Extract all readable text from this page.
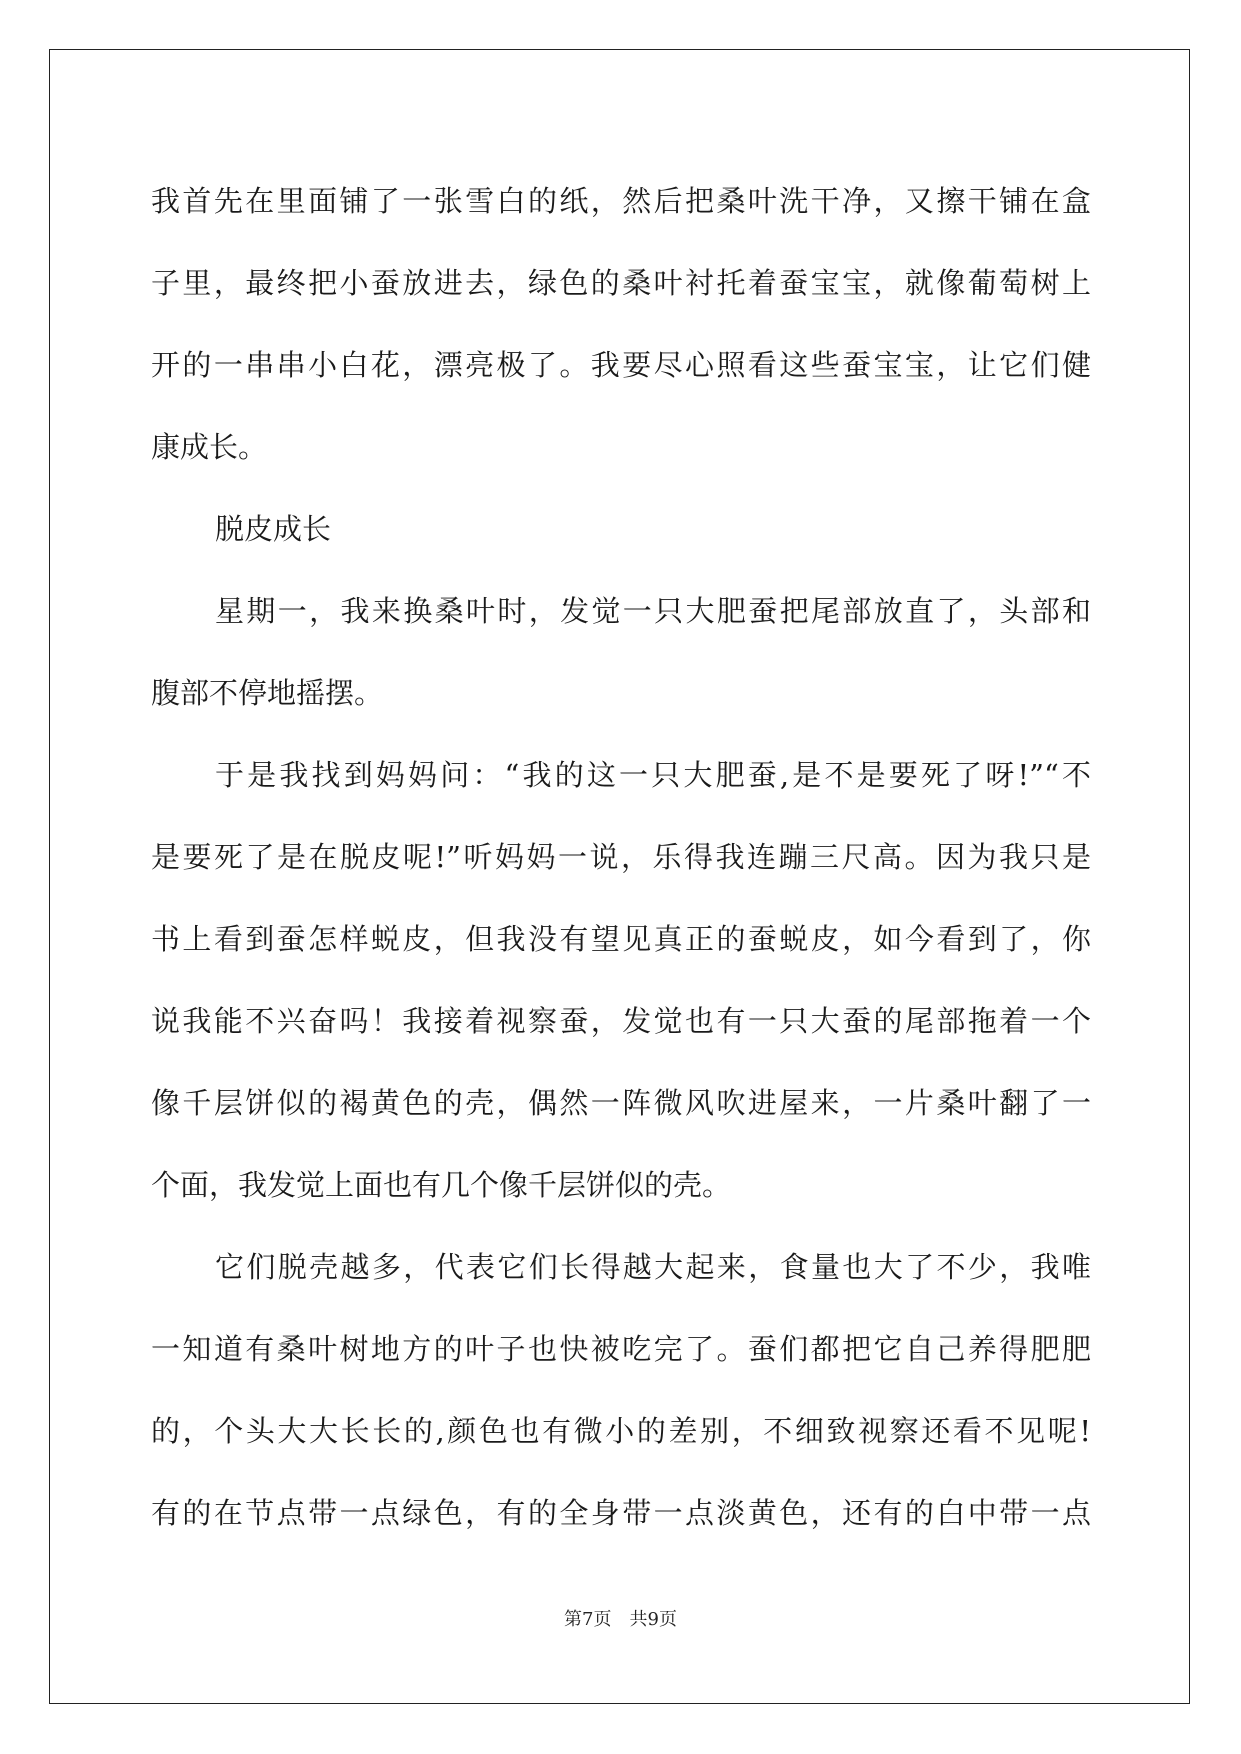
我首先在里面铺了一张雪白的纸，然后把桑叶洗干净，又擦干铺在盒
子里，最终把小蚕放进去，绿色的桑叶衬托着蚕宝宝，就像葡萄树上
开的一串串小白花，漂亮极了。我要尽心照看这些蚕宝宝，让它们健
康成长。
脱皮成长
星期一，我来换桑叶时，发觉一只大肥蚕把尾部放直了，头部和
腹部不停地摇摆。
于是我找到妈妈问：“我的这一只大肥蚕,是不是要死了呀!”“不
是要死了是在脱皮呢!”听妈妈一说，乐得我连蹦三尺高。因为我只是
书上看到蚕怎样蜕皮，但我没有望见真正的蚕蜕皮，如今看到了，你
说我能不兴奋吗！我接着视察蚕，发觉也有一只大蚕的尾部拖着一个
像千层饼似的褐黄色的壳，偶然一阵微风吹进屋来，一片桑叶翻了一
个面，我发觉上面也有几个像千层饼似的壳。
它们脱壳越多，代表它们长得越大起来，食量也大了不少，我唯
一知道有桑叶树地方的叶子也快被吃完了。蚕们都把它自己养得肥肥
的，个头大大长长的,颜色也有微小的差别，不细致视察还看不见呢!
有的在节点带一点绿色，有的全身带一点淡黄色，还有的白中带一点
第7页 共9页
